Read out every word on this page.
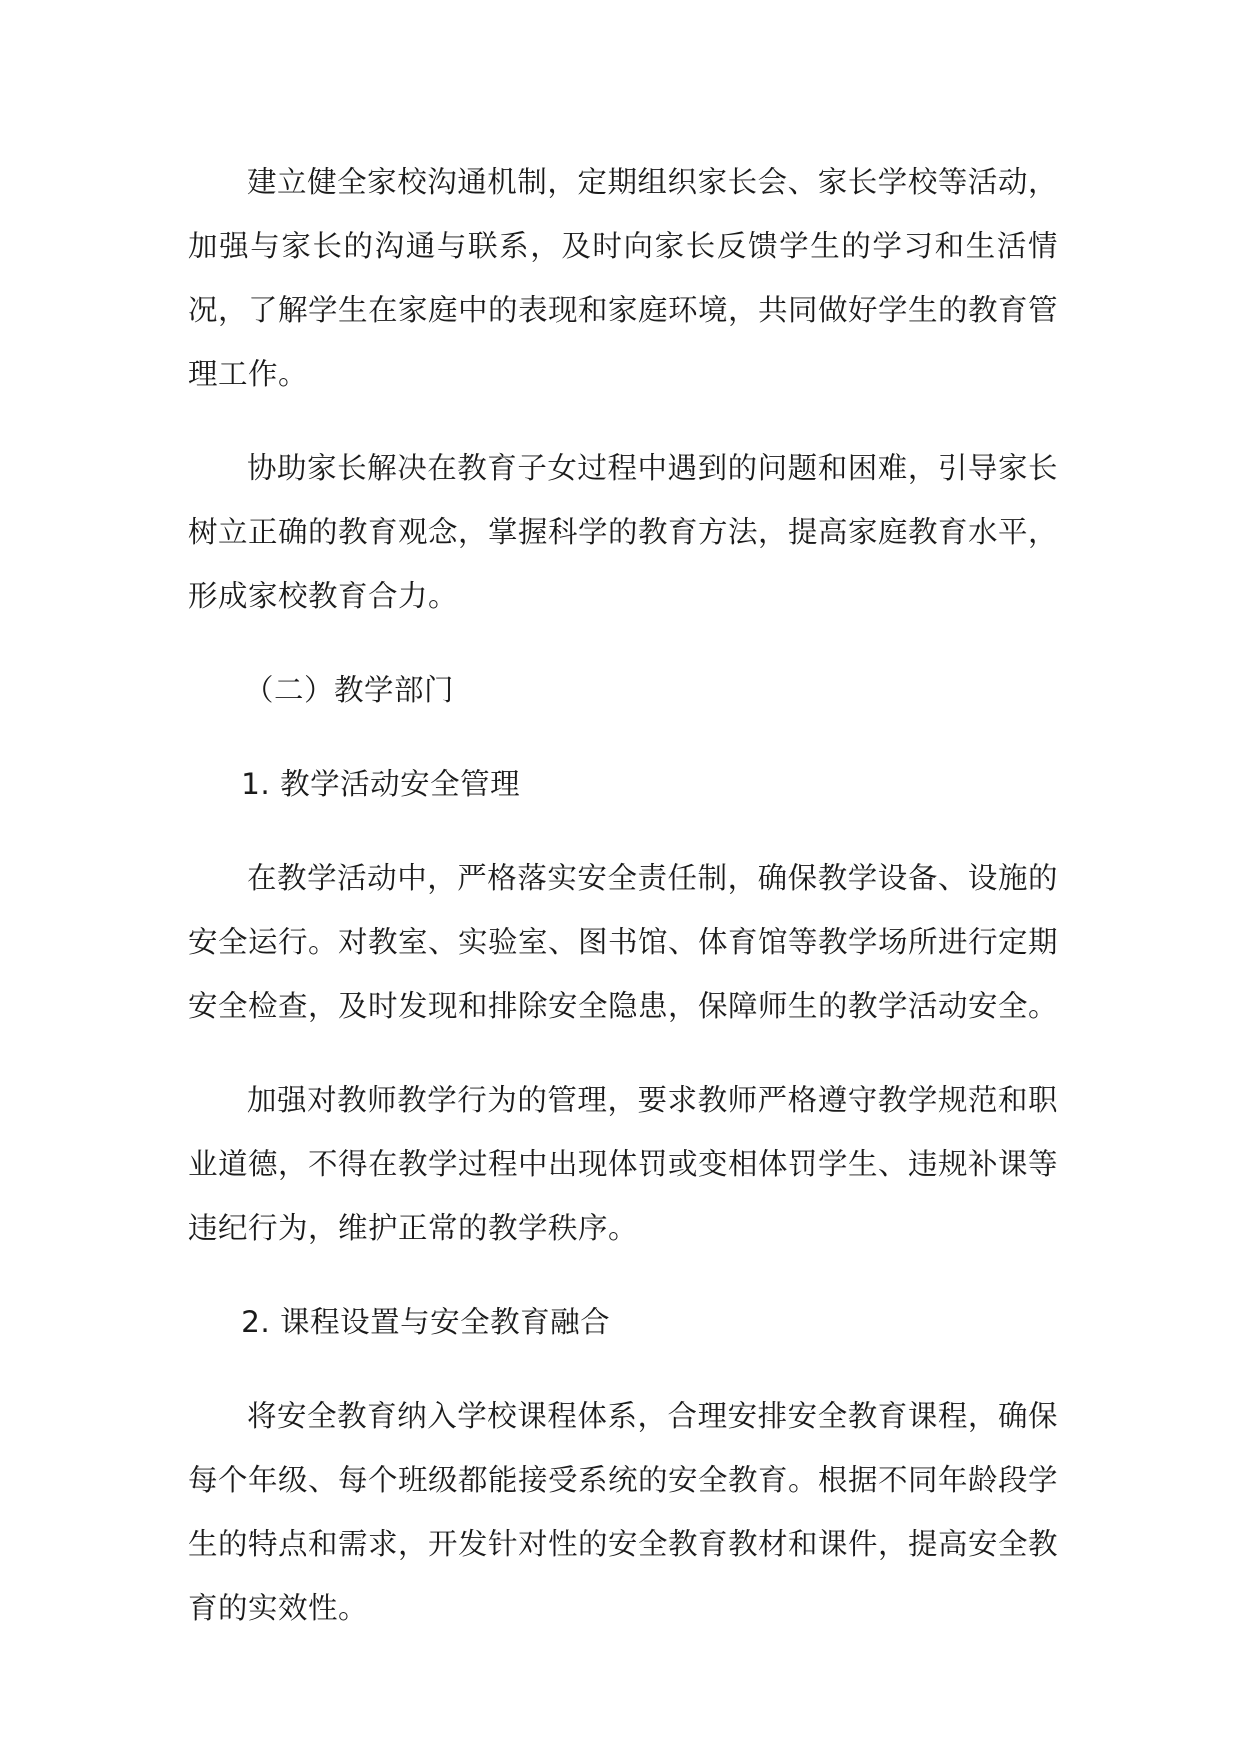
建立健全家校沟通机制，定期组织家长会、家长学校等活动，加强与家长的沟通与联系，及时向家长反馈学生的学习和生活情况，了解学生在家庭中的表现和家庭环境，共同做好学生的教育管理工作。

协助家长解决在教育子女过程中遇到的问题和困难，引导家长树立正确的教育观念，掌握科学的教育方法，提高家庭教育水平，形成家校教育合力。

（二）教学部门

1. 教学活动安全管理

在教学活动中，严格落实安全责任制，确保教学设备、设施的安全运行。对教室、实验室、图书馆、体育馆等教学场所进行定期安全检查，及时发现和排除安全隐患，保障师生的教学活动安全。

加强对教师教学行为的管理，要求教师严格遵守教学规范和职业道德，不得在教学过程中出现体罚或变相体罚学生、违规补课等违纪行为，维护正常的教学秩序。

2. 课程设置与安全教育融合

将安全教育纳入学校课程体系，合理安排安全教育课程，确保每个年级、每个班级都能接受系统的安全教育。根据不同年龄段学生的特点和需求，开发针对性的安全教育教材和课件，提高安全教育的实效性。
